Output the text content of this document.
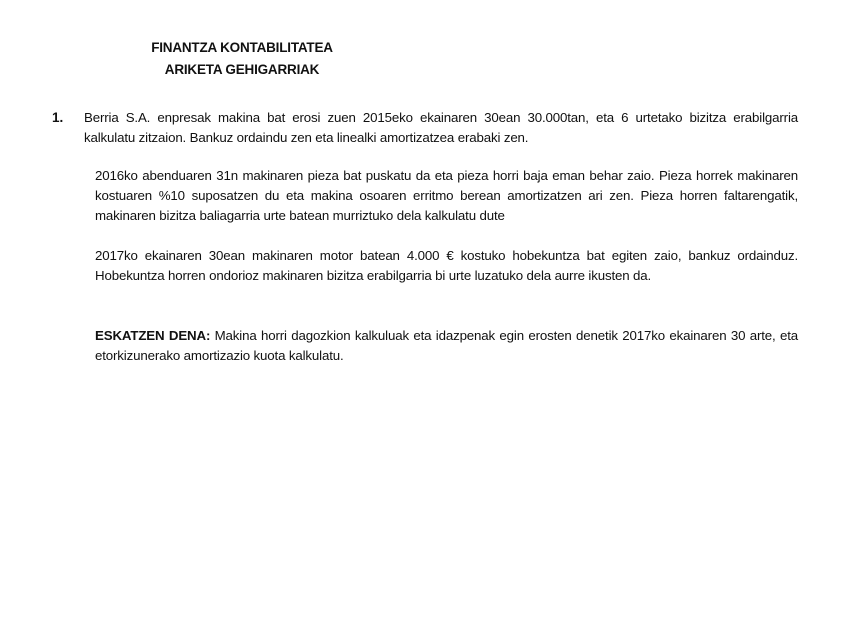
FINANTZA KONTABILITATEA
ARIKETA GEHIGARRIAK
1. Berria S.A. enpresak makina bat erosi zuen 2015eko ekainaren 30ean 30.000tan, eta 6 urtetako bizitza erabilgarria kalkulatu zitzaion. Bankuz ordaindu zen eta linealki amortizatzea erabaki zen.
2016ko abenduaren 31n makinaren pieza bat puskatu da eta pieza horri baja eman behar zaio. Pieza horrek makinaren kostuaren %10 suposatzen du eta makina osoaren erritmo berean amortizatzen ari zen. Pieza horren faltarengatik, makinaren bizitza baliagarria urte batean murriztuko dela kalkulatu dute
2017ko ekainaren 30ean makinaren motor batean 4.000 € kostuko hobekuntza bat egiten zaio, bankuz ordainduz. Hobekuntza horren ondorioz makinaren bizitza erabilgarria bi urte luzatuko dela aurre ikusten da.
ESKATZEN DENA: Makina horri dagozkion kalkuluak eta idazpenak egin erosten denetik 2017ko ekainaren 30 arte, eta etorkizunerako amortizazio kuota kalkulatu.
